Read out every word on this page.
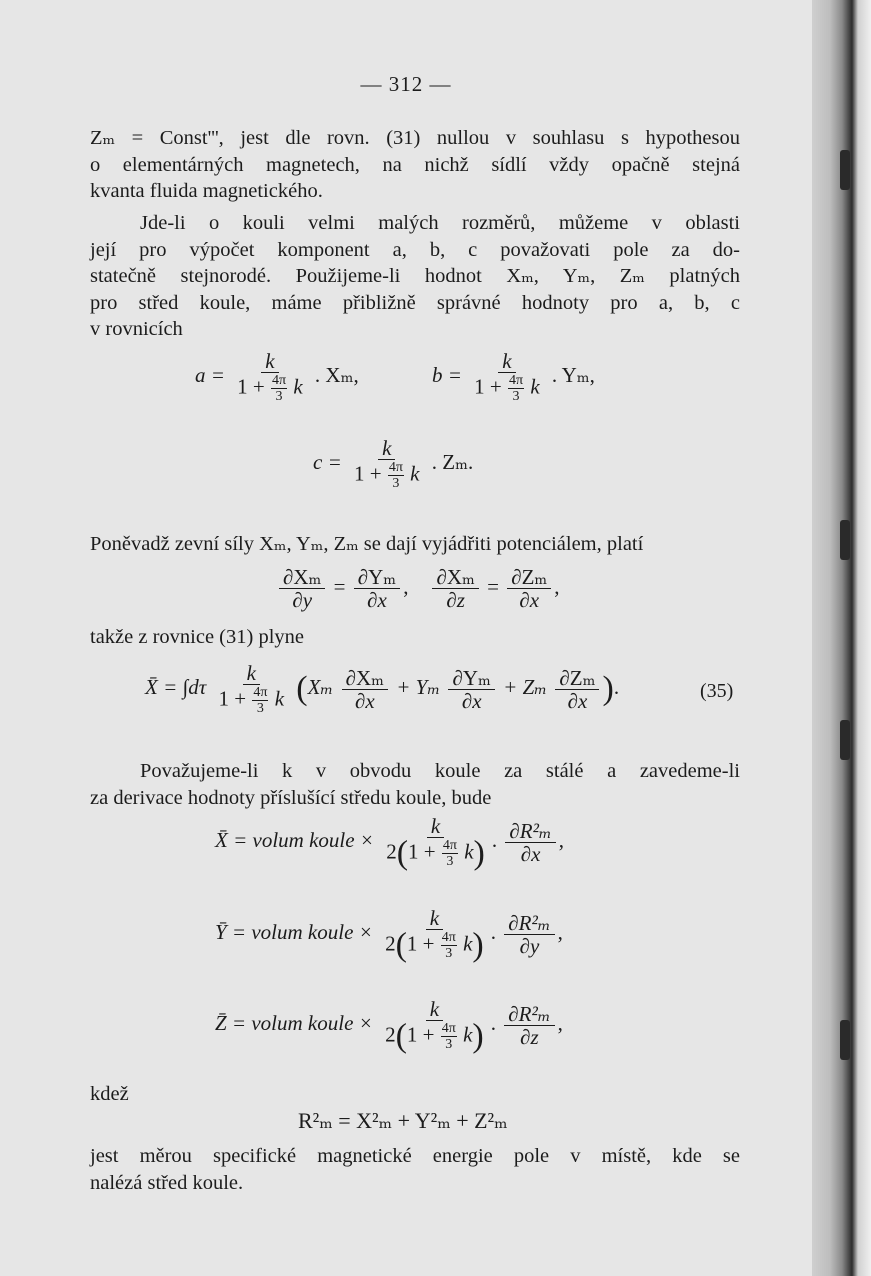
— 312 —
Zₘ = Const''', jest dle rovn. (31) nullou v souhlasu s hypothesou
o elementárných magnetech, na nichž sídlí vždy opačně stejná
kvanta fluida magnetického.
Jde-li o kouli velmi malých rozměrů, můžeme v oblasti
její pro výpočet komponent a, b, c považovati pole za do-
statečně stejnorodé. Použijeme-li hodnot Xₘ, Yₘ, Zₘ platných
pro střed koule, máme přibližně správné hodnoty pro a, b, c
v rovnicích
$a = \frac{k}{1 + \frac{4\pi}{3} k}$ . Xₘ,	$b = \frac{k}{1 + \frac{4\pi}{3} k}$ . Yₘ,
$c = \frac{k}{1 + \frac{4\pi}{3} k}$ . Zₘ.
Poněvadž zevní síly Xₘ, Yₘ, Zₘ se dají vyjádřiti potenciálem, platí
$\frac{\text{∂Xₘ}}{\partial y} = \frac{\text{∂Yₘ}}{\partial x}$ , $\frac{\text{∂Xₘ}}{\partial z} = \frac{\text{∂Zₘ}}{\partial x}$ ,
takže z rovnice (31) plyne
X̄ = $\int d\tau \frac{k}{1 + \frac{4\pi}{3} k} (X_m \frac{\text{∂Xₘ}}{\partial x} + Y_m \frac{\text{∂Yₘ}}{\partial x} + Z_m \frac{\text{∂Zₘ}}{\partial x}$ ).	(35)
Považujeme-li k v obvodu koule za stálé a zavedeme-li
za derivace hodnoty příslušící středu koule, bude
X̄ = volum koule × $\frac{k}{2(1 + \frac{4\pi}{3} k)}$ . $\frac{\text{∂R²ₘ}}{\partial x}$ ,
Ȳ = volum koule × $\frac{k}{2(1 + \frac{4\pi}{3} k)}$ . $\frac{\text{∂R²ₘ}}{\partial y}$ ,
Z̄ = volum koule × $\frac{k}{2(1 + \frac{4\pi}{3} k)}$ . $\frac{\text{∂R²ₘ}}{\partial z}$ ,
kdež
R²ₘ = X²ₘ + Y²ₘ + Z²ₘ
jest měrou specifické magnetické energie pole v místě, kde se
nalézá střed koule.
